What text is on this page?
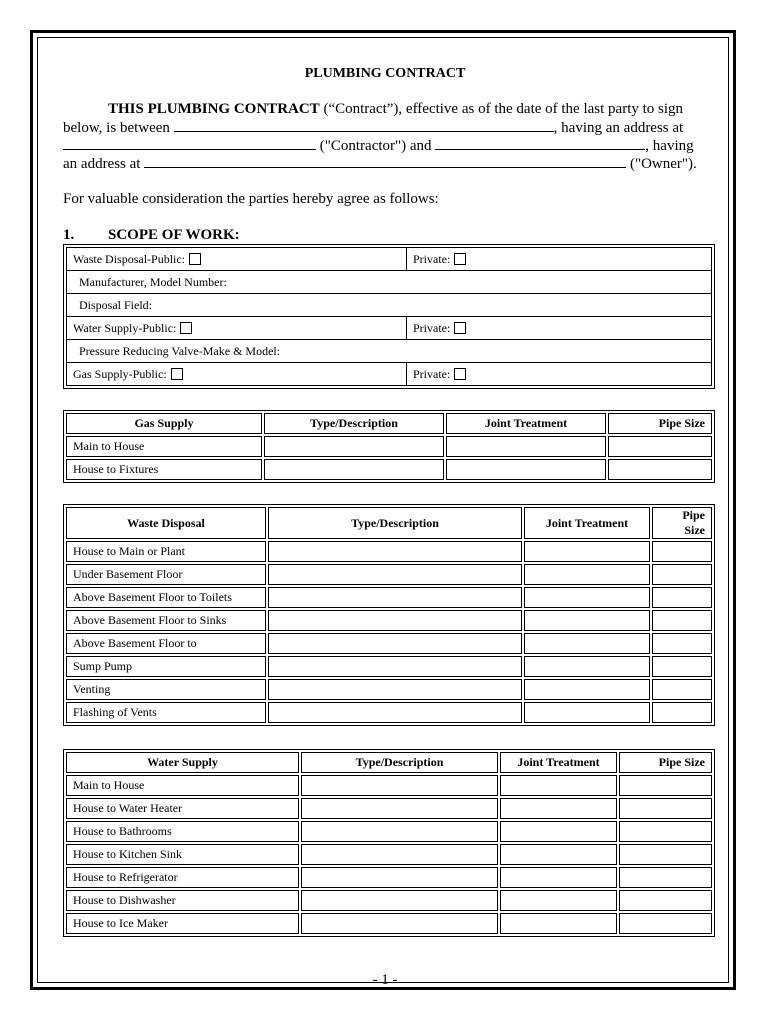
PLUMBING CONTRACT
THIS PLUMBING CONTRACT (“Contract”), effective as of the date of the last party to sign
below, is between	, having an address at
("Contractor") and	, having
an address at	("Owner").
For valuable consideration the parties hereby agree as follows:
1. SCOPE OF WORK:
Waste Disposal-Public:	Private:
Manufacturer, Model Number:
Disposal Field:
Water Supply-Public:	Private:
Pressure Reducing Valve-Make & Model:
Gas Supply-Public:	Private:
Gas Supply	Type/Description	Joint Treatment	Pipe Size
Main to House			
House to Fixtures			
Waste Disposal	Type/Description	Joint Treatment	Pipe Size
House to Main or Plant			
Under Basement Floor			
Above Basement Floor to Toilets			
Above Basement Floor to Sinks			
Above Basement Floor to			
Sump Pump			
Venting			
Flashing of Vents			
Water Supply	Type/Description	Joint Treatment	Pipe Size
Main to House			
House to Water Heater			
House to Bathrooms			
House to Kitchen Sink			
House to Refrigerator			
House to Dishwasher			
House to Ice Maker			
- 1 -
